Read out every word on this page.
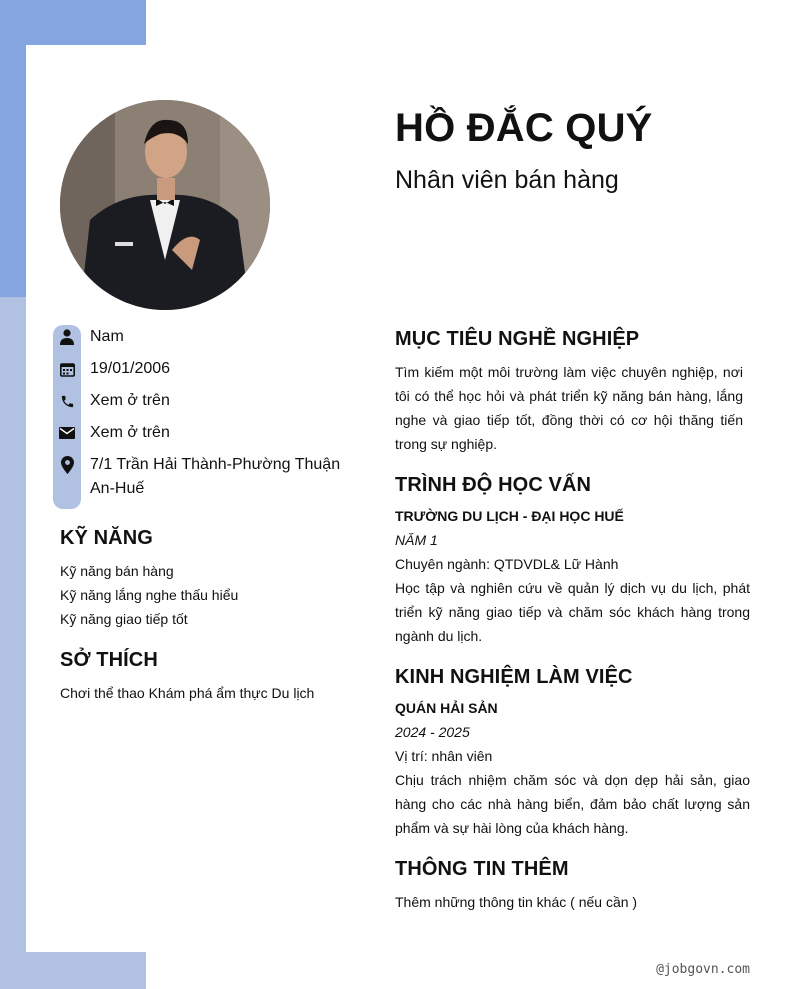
HỒ ĐẮC QUÝ
Nhân viên bán hàng
Nam
19/01/2006
Xem ở trên
Xem ở trên
7/1 Trần Hải Thành-Phường Thuận An-Huế
KỸ NĂNG
Kỹ năng bán hàng
Kỹ năng lắng nghe thấu hiểu
Kỹ năng giao tiếp tốt
SỞ THÍCH

Chơi thể thao Khám phá ẩm thực Du lịch

MỤC TIÊU NGHỀ NGHIỆP

Tìm kiếm một môi trường làm việc chuyên nghiệp, nơi tôi có thể học hỏi và phát triển kỹ năng bán hàng, lắng nghe và giao tiếp tốt, đồng thời có cơ hội thăng tiến trong sự nghiệp.

TRÌNH ĐỘ HỌC VẤN

TRƯỜNG DU LỊCH - ĐẠI HỌC HUẾ

NĂM 1

Chuyên ngành: QTDVDL& Lữ Hành

Học tập và nghiên cứu về quản lý dịch vụ du lịch, phát triển kỹ năng giao tiếp và chăm sóc khách hàng trong ngành du lịch.

KINH NGHIỆM LÀM VIỆC

QUÁN HẢI SẢN

2024 - 2025

Vị trí: nhân viên

Chịu trách nhiệm chăm sóc và dọn dẹp hải sản, giao hàng cho các nhà hàng biển, đảm bảo chất lượng sản phẩm và sự hài lòng của khách hàng.

THÔNG TIN THÊM

Thêm những thông tin khác ( nếu cần )

@jobgovn.com
